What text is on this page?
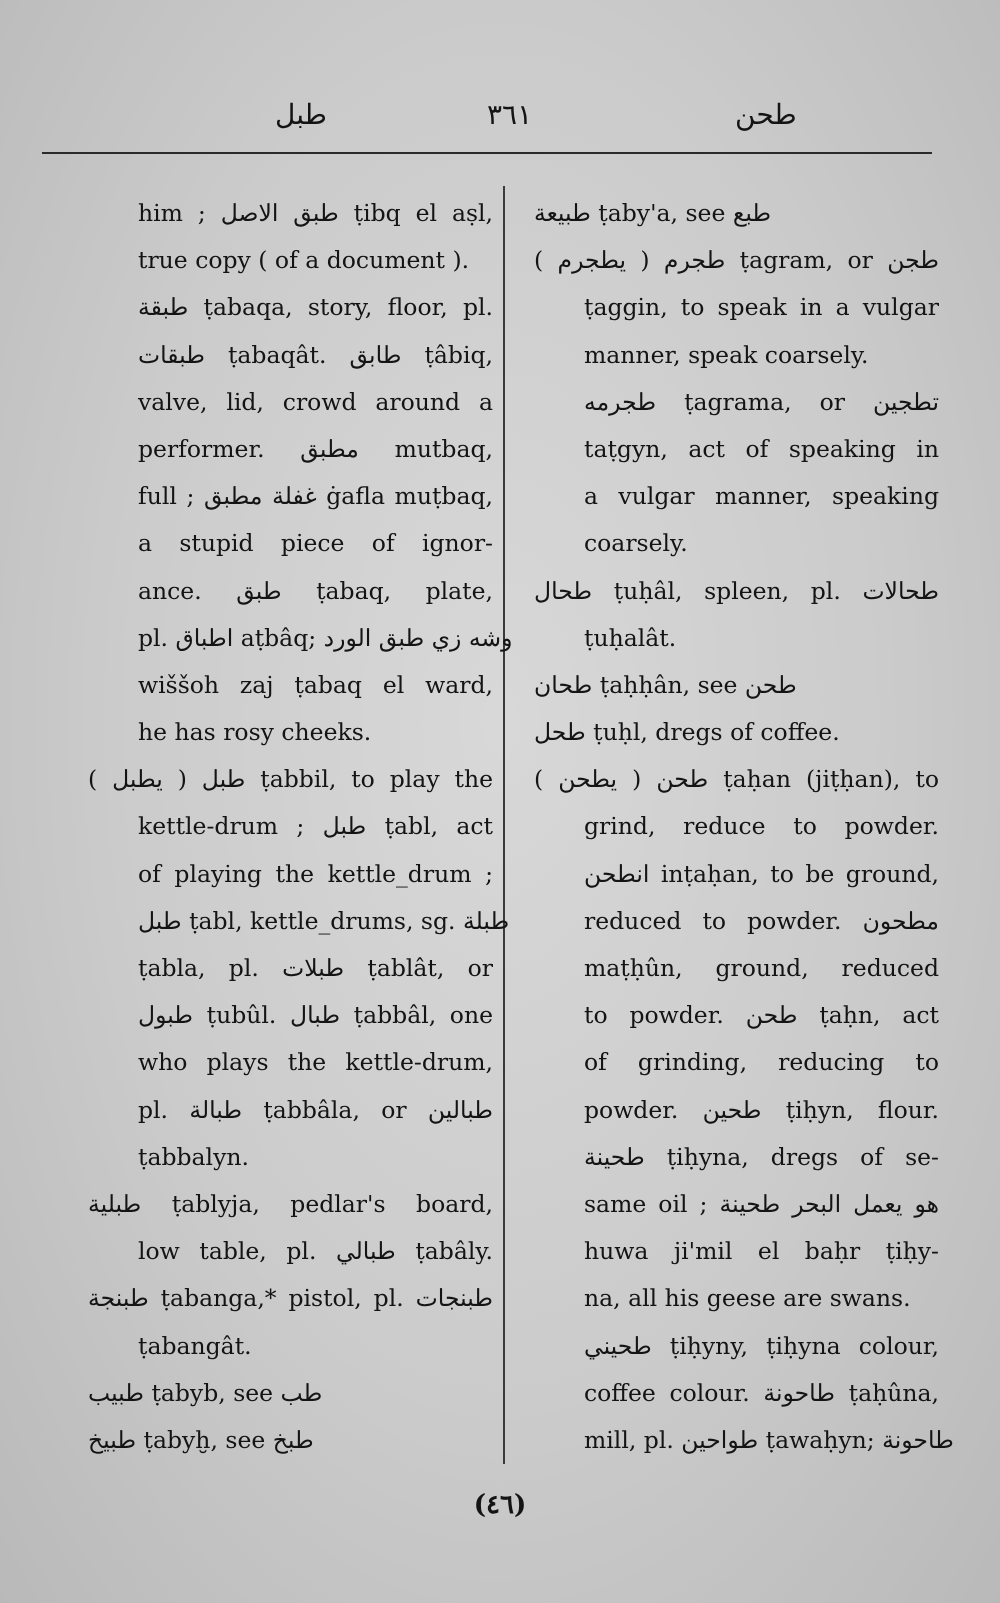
طبل	٣٦١	طحن
him ; طبق الاصل ṭibq el aṣl,
true copy ( of a document ).
طبقة ṭabaqa, story, floor, pl.
طبقات ṭabaqât. طابق ṭâbiq,
valve, lid, crowd around a
performer. مطبق mutbaq,
full ; غفلة مطبق ġafla muṭbaq,
a stupid piece of ignor-
ance. طبق ṭabaq, plate,
pl. اطباق aṭbâq; وشه زي طبق الورد
wiššoh zaj ṭabaq el ward,
he has rosy cheeks.
طبل ( يطبل ) ṭabbil, to play the
kettle-drum ; طبل ṭabl, act
of playing the kettle_drum ;
طبل ṭabl, kettle_drums, sg. طبلة
ṭabla, pl. طبلات ṭablât, or
طبول ṭubûl. طبال ṭabbâl, one
who plays the kettle-drum,
pl. طبالة ṭabbâla, or طبالين
ṭabbalyn.
طبلية ṭablyja, pedlar's board,
low table, pl. طبالي ṭabâly.
طبنجة ṭabanga,* pistol, pl. طبنجات
ṭabangât.
طبيب ṭabyb, see طب
طبيخ ṭabyḫ, see طبخ
طبيعة ṭaby'a, see طبع
طجرم ( يطجرم ) ṭagram, or طجن
ṭaggin, to speak in a vulgar
manner, speak coarsely.
طجرمه ṭagrama, or تطجين
taṭgyn, act of speaking in
a vulgar manner, speaking
coarsely.
طحال ṭuḥâl, spleen, pl. طحالات
ṭuḥalât.
طحان ṭaḥḥân, see طحن
طحل ṭuḥl, dregs of coffee.
طحن ( يطحن ) ṭaḥan (jiṭḥan), to
grind, reduce to powder.
انطحن inṭaḥan, to be ground,
reduced to powder. مطحون
maṭḥûn, ground, reduced
to powder. طحن ṭaḥn, act
of grinding, reducing to
powder. طحين ṭiḥyn, flour.
طحينة ṭiḥyna, dregs of se-
same oil ; هو يعمل البحر طحينة
huwa ji'mil el baḥr ṭiḥy-
na, all his geese are swans.
طحيني ṭiḥyny, ṭiḥyna colour,
coffee colour. طاحونة ṭaḥûna,
mill, pl. طواحين ṭawaḥyn; طاحونة
(٤٦)
